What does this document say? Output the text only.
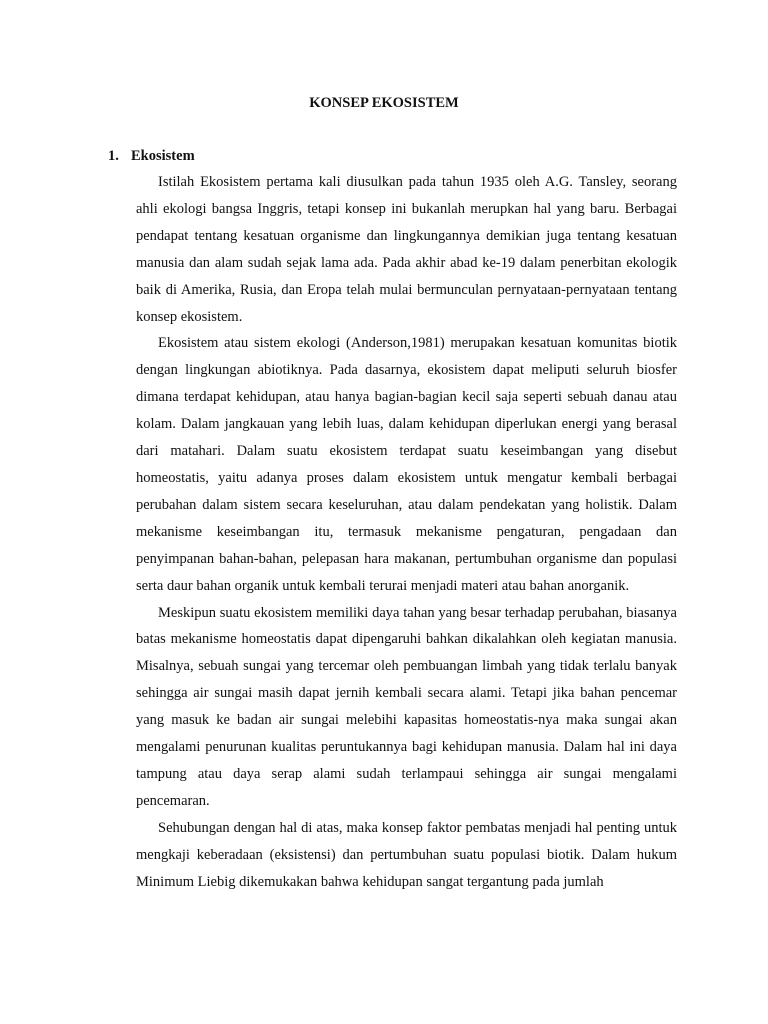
KONSEP EKOSISTEM
1. Ekosistem

Istilah Ekosistem pertama kali diusulkan pada tahun 1935 oleh A.G. Tansley, seorang ahli ekologi bangsa Inggris, tetapi konsep ini bukanlah merupkan hal yang baru. Berbagai pendapat tentang kesatuan organisme dan lingkungannya demikian juga tentang kesatuan manusia dan alam sudah sejak lama ada. Pada akhir abad ke-19 dalam penerbitan ekologik baik di Amerika, Rusia, dan Eropa telah mulai bermunculan pernyataan-pernyataan tentang konsep ekosistem.

Ekosistem atau sistem ekologi (Anderson,1981) merupakan kesatuan komunitas biotik dengan lingkungan abiotiknya. Pada dasarnya, ekosistem dapat meliputi seluruh biosfer dimana terdapat kehidupan, atau hanya bagian-bagian kecil saja seperti sebuah danau atau kolam. Dalam jangkauan yang lebih luas, dalam kehidupan diperlukan energi yang berasal dari matahari. Dalam suatu ekosistem terdapat suatu keseimbangan yang disebut homeostatis, yaitu adanya proses dalam ekosistem untuk mengatur kembali berbagai perubahan dalam sistem secara keseluruhan, atau dalam pendekatan yang holistik. Dalam mekanisme keseimbangan itu, termasuk mekanisme pengaturan, pengadaan dan penyimpanan bahan-bahan, pelepasan hara makanan, pertumbuhan organisme dan populasi serta daur bahan organik untuk kembali terurai menjadi materi atau bahan anorganik.

Meskipun suatu ekosistem memiliki daya tahan yang besar terhadap perubahan, biasanya batas mekanisme homeostatis dapat dipengaruhi bahkan dikalahkan oleh kegiatan manusia. Misalnya, sebuah sungai yang tercemar oleh pembuangan limbah yang tidak terlalu banyak sehingga air sungai masih dapat jernih kembali secara alami. Tetapi jika bahan pencemar yang masuk ke badan air sungai melebihi kapasitas homeostatis-nya maka sungai akan mengalami penurunan kualitas peruntukannya bagi kehidupan manusia. Dalam hal ini daya tampung atau daya serap alami sudah terlampaui sehingga air sungai mengalami pencemaran.

Sehubungan dengan hal di atas, maka konsep faktor pembatas menjadi hal penting untuk mengkaji keberadaan (eksistensi) dan pertumbuhan suatu populasi biotik. Dalam hukum Minimum Liebig dikemukakan bahwa kehidupan sangat tergantung pada jumlah
